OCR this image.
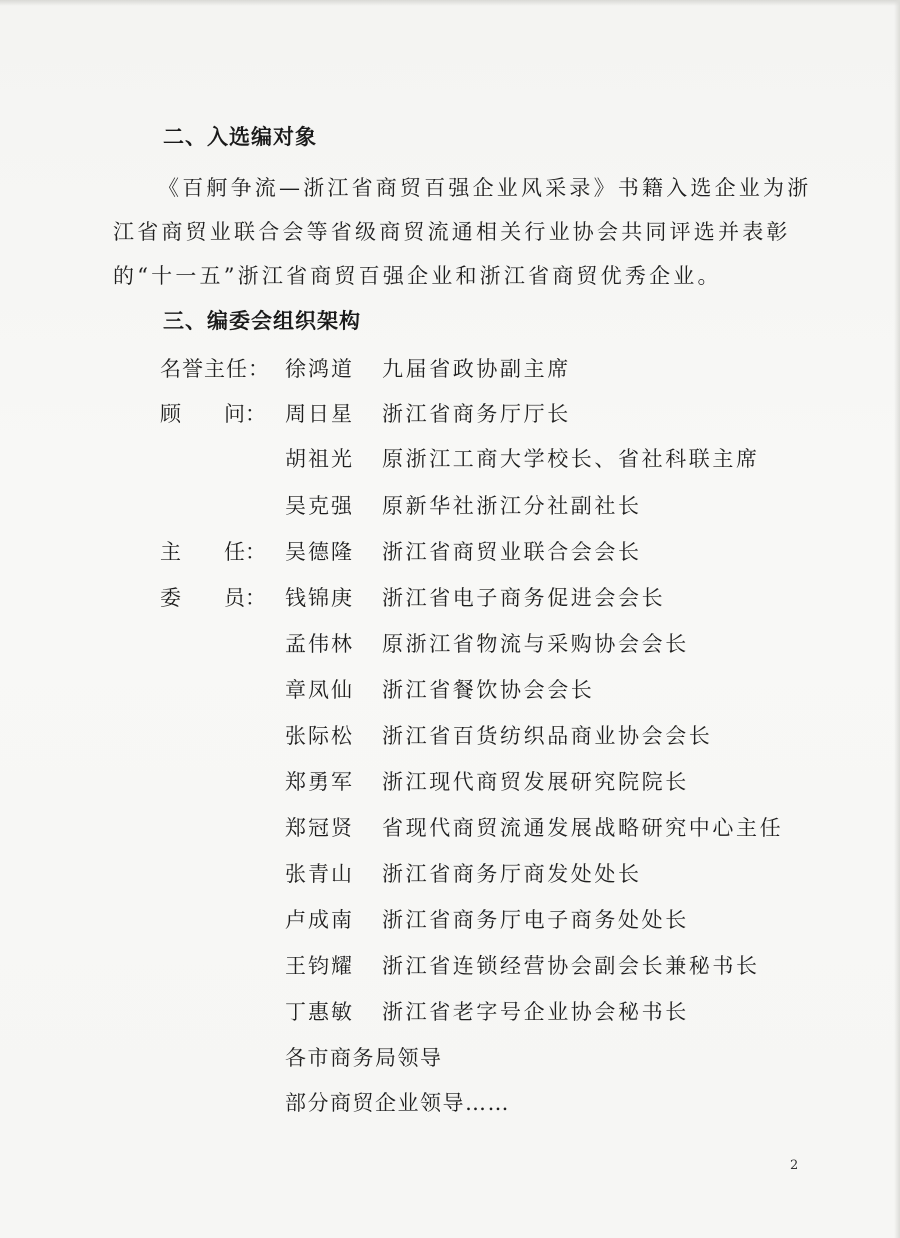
二、入选编对象
《百舸争流—浙江省商贸百强企业风采录》书籍入选企业为浙
江省商贸业联合会等省级商贸流通相关行业协会共同评选并表彰
的“十一五”浙江省商贸百强企业和浙江省商贸优秀企业。
三、编委会组织架构
名誉主任： 徐鸿道 九届省政协副主席
顾 问： 周日星 浙江省商务厅厅长
胡祖光 原浙江工商大学校长、省社科联主席
吴克强 原新华社浙江分社副社长
主 任： 吴德隆 浙江省商贸业联合会会长
委 员： 钱锦庚 浙江省电子商务促进会会长
孟伟林 原浙江省物流与采购协会会长
章凤仙 浙江省餐饮协会会长
张际松 浙江省百货纺织品商业协会会长
郑勇军 浙江现代商贸发展研究院院长
郑冠贤 省现代商贸流通发展战略研究中心主任
张青山 浙江省商务厅商发处处长
卢成南 浙江省商务厅电子商务处处长
王钧耀 浙江省连锁经营协会副会长兼秘书长
丁惠敏 浙江省老字号企业协会秘书长
各市商务局领导
部分商贸企业领导……
2
